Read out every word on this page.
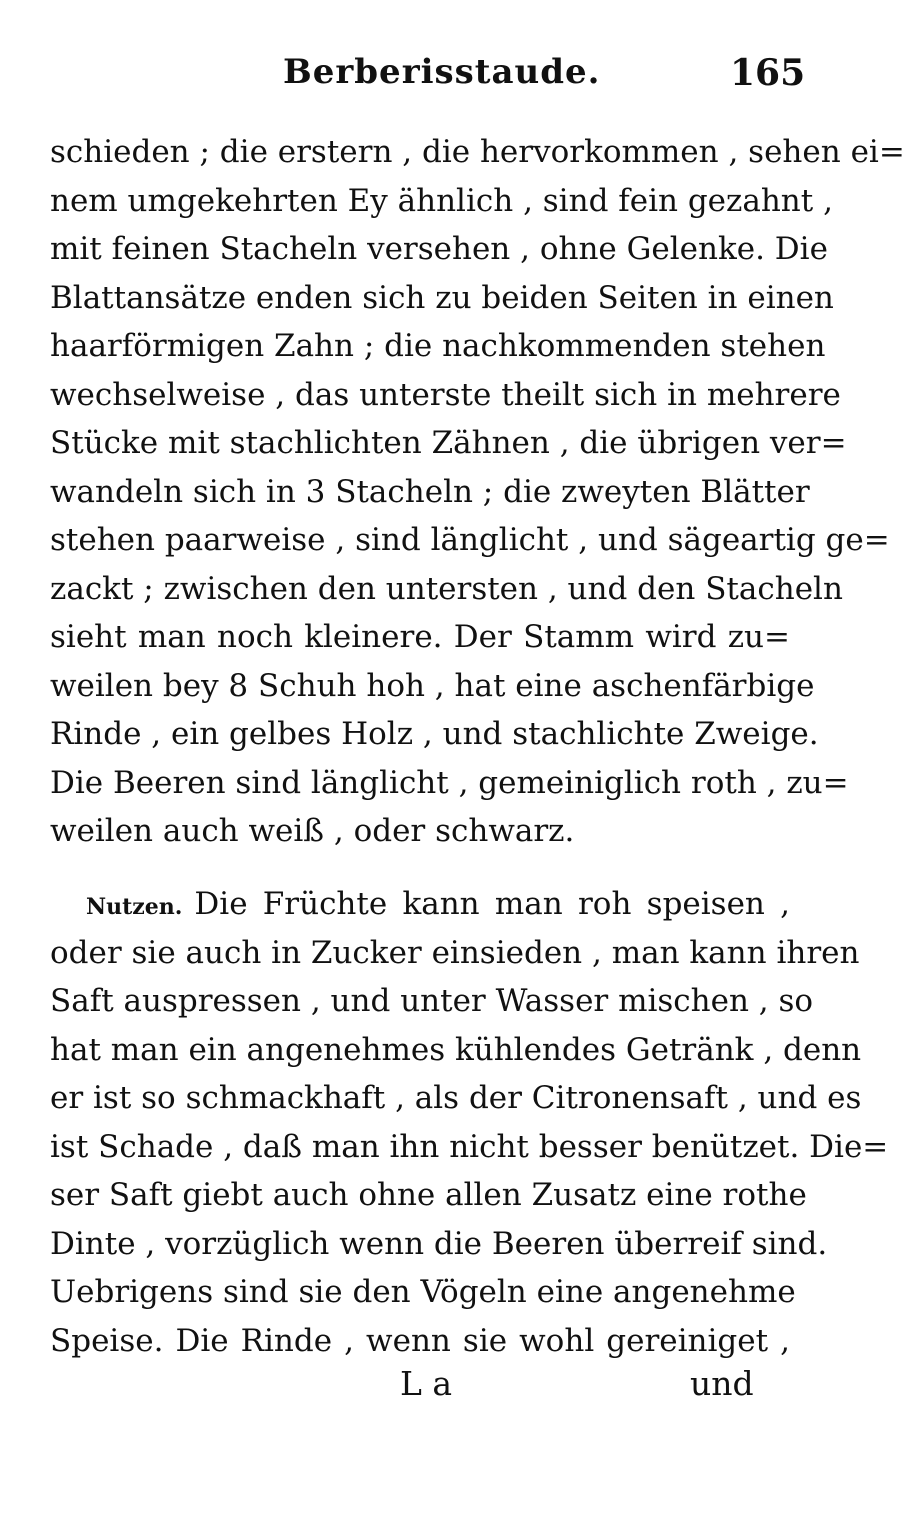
Berberisstaude.	165
schieden ; die erstern , die hervorkommen , sehen ei=
nem umgekehrten Ey ähnlich , sind fein gezahnt ,
mit feinen Stacheln versehen , ohne Gelenke. Die
Blattansätze enden sich zu beiden Seiten in einen
haarförmigen Zahn ; die nachkommenden stehen
wechselweise , das unterste theilt sich in mehrere
Stücke mit stachlichten Zähnen , die übrigen ver=
wandeln sich in 3 Stacheln ; die zweyten Blätter
stehen paarweise , sind länglicht , und sägeartig ge=
zackt ; zwischen den untersten , und den Stacheln
sieht man noch kleinere. Der Stamm wird zu=
weilen bey 8 Schuh hoh , hat eine aschenfärbige
Rinde , ein gelbes Holz , und stachlichte Zweige.
Die Beeren sind länglicht , gemeiniglich roth , zu=
weilen auch weiß , oder schwarz.
Nutzen. Die Früchte kann man roh speisen ,
oder sie auch in Zucker einsieden , man kann ihren
Saft auspressen , und unter Wasser mischen , so
hat man ein angenehmes kühlendes Getränk , denn
er ist so schmackhaft , als der Citronensaft , und es
ist Schade , daß man ihn nicht besser benützet. Die=
ser Saft giebt auch ohne allen Zusatz eine rothe
Dinte , vorzüglich wenn die Beeren überreif sind.
Uebrigens sind sie den Vögeln eine angenehme
Speise. Die Rinde , wenn sie wohl gereiniget ,
L a	und
